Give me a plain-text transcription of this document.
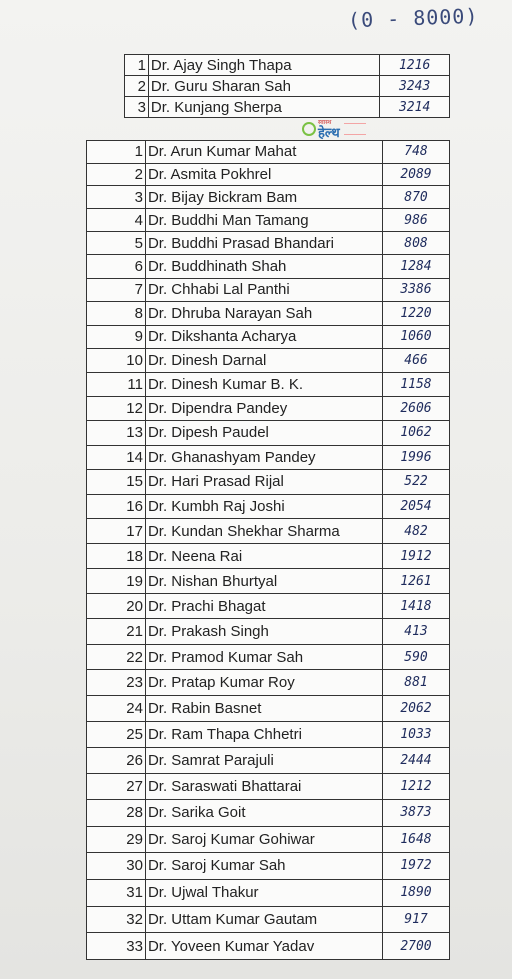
(0 - 8000)
1	Dr. Ajay Singh Thapa	1216
2	Dr. Guru Sharan Sah	3243
3	Dr. Kunjang Sherpa	3214
स्वास्थ
हेल्थ
1	Dr. Arun Kumar Mahat	748
2	Dr. Asmita Pokhrel	2089
3	Dr. Bijay Bickram Bam	870
4	Dr. Buddhi Man Tamang	986
5	Dr. Buddhi Prasad Bhandari	808
6	Dr. Buddhinath Shah	1284
7	Dr. Chhabi Lal Panthi	3386
8	Dr. Dhruba Narayan Sah	1220
9	Dr. Dikshanta Acharya	1060
10	Dr. Dinesh Darnal	466
11	Dr. Dinesh Kumar B. K.	1158
12	Dr. Dipendra Pandey	2606
13	Dr. Dipesh Paudel	1062
14	Dr. Ghanashyam Pandey	1996
15	Dr. Hari Prasad Rijal	522
16	Dr. Kumbh Raj Joshi	2054
17	Dr. Kundan Shekhar Sharma	482
18	Dr. Neena Rai	1912
19	Dr. Nishan Bhurtyal	1261
20	Dr. Prachi Bhagat	1418
21	Dr. Prakash Singh	413
22	Dr. Pramod Kumar Sah	590
23	Dr. Pratap Kumar Roy	881
24	Dr. Rabin Basnet	2062
25	Dr. Ram Thapa Chhetri	1033
26	Dr. Samrat Parajuli	2444
27	Dr. Saraswati Bhattarai	1212
28	Dr. Sarika Goit	3873
29	Dr. Saroj Kumar Gohiwar	1648
30	Dr. Saroj Kumar Sah	1972
31	Dr. Ujwal Thakur	1890
32	Dr. Uttam Kumar Gautam	917
33	Dr. Yoveen Kumar Yadav	2700
